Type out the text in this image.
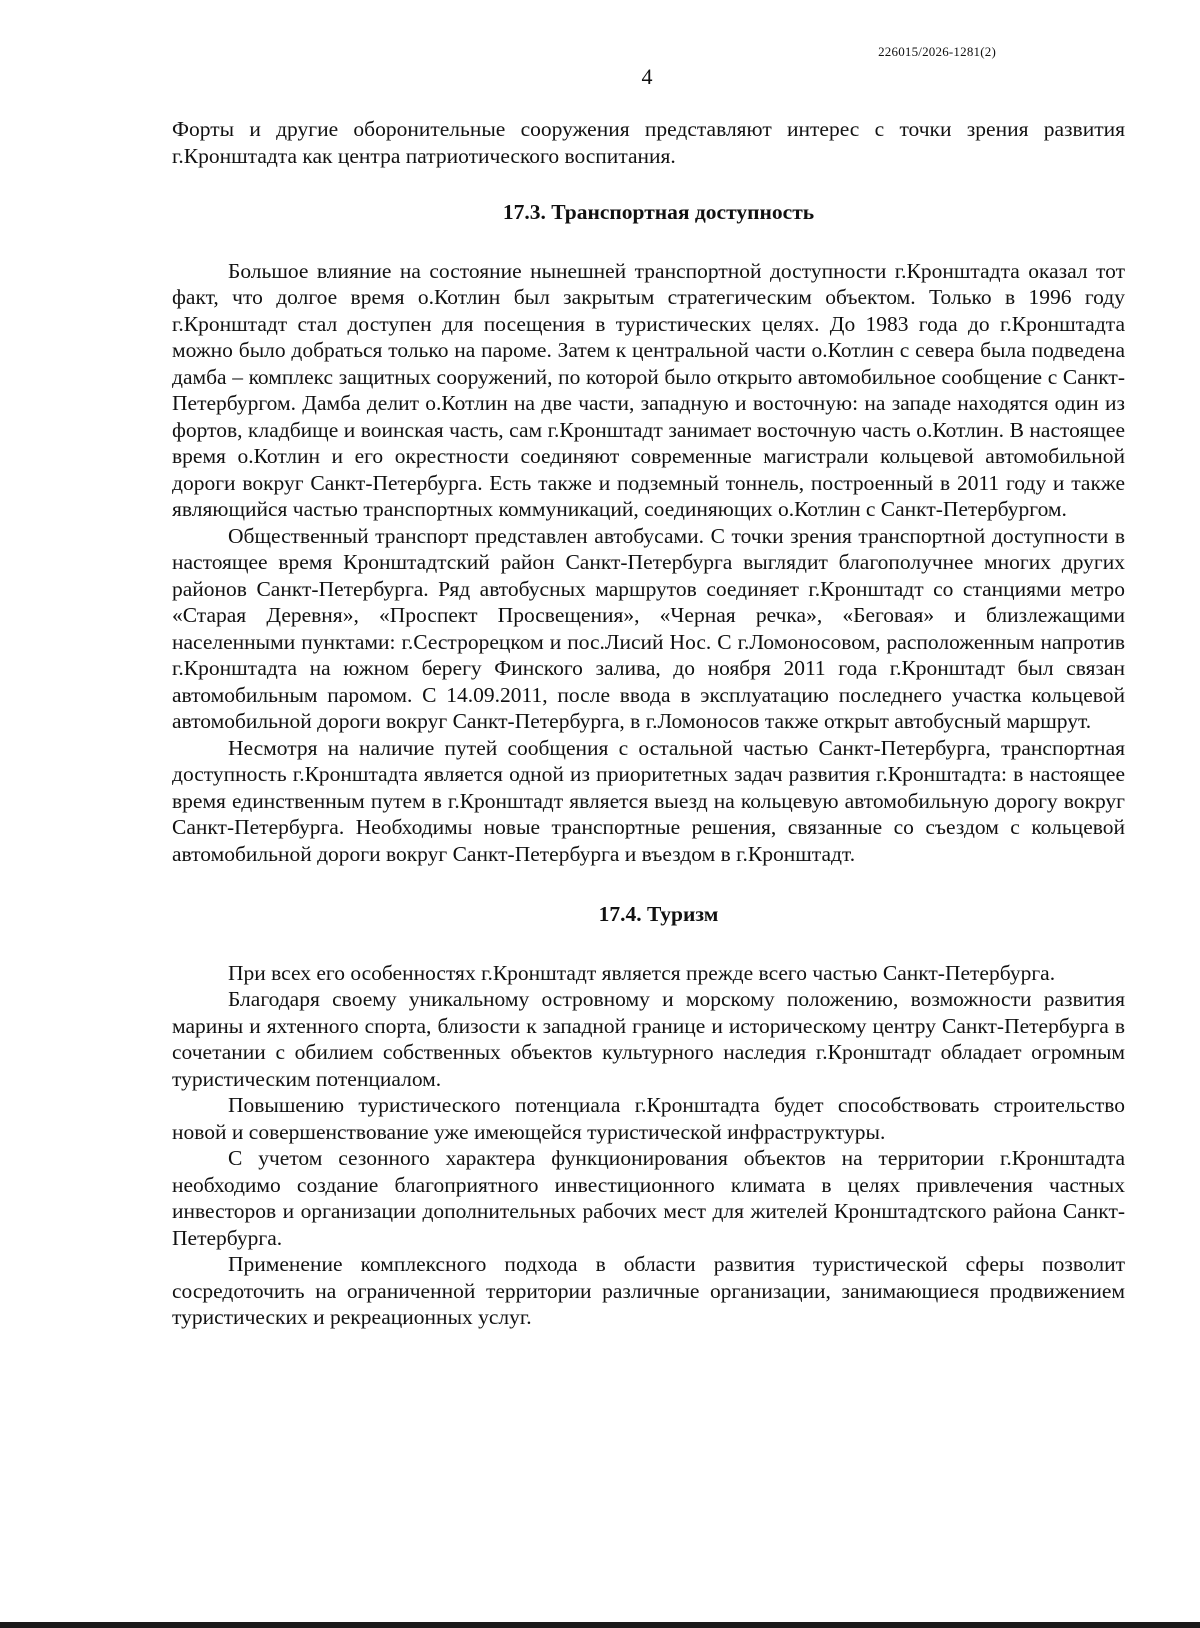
226015/2026-1281(2)
4

Форты и другие оборонительные сооружения представляют интерес с точки зрения развития г.Кронштадта как центра патриотического воспитания.

17.3. Транспортная доступность

Большое влияние на состояние нынешней транспортной доступности г.Кронштадта оказал тот факт, что долгое время о.Котлин был закрытым стратегическим объектом. Только в 1996 году г.Кронштадт стал доступен для посещения в туристических целях. До 1983 года до г.Кронштадта можно было добраться только на пароме. Затем к центральной части о.Котлин с севера была подведена дамба – комплекс защитных сооружений, по которой было открыто автомобильное сообщение с Санкт-Петербургом. Дамба делит о.Котлин на две части, западную и восточную: на западе находятся один из фортов, кладбище и воинская часть, сам г.Кронштадт занимает восточную часть о.Котлин. В настоящее время о.Котлин и его окрестности соединяют современные магистрали кольцевой автомобильной дороги вокруг Санкт-Петербурга. Есть также и подземный тоннель, построенный в 2011 году и также являющийся частью транспортных коммуникаций, соединяющих о.Котлин с Санкт-Петербургом.

Общественный транспорт представлен автобусами. С точки зрения транспортной доступности в настоящее время Кронштадтский район Санкт-Петербурга выглядит благополучнее многих других районов Санкт-Петербурга. Ряд автобусных маршрутов соединяет г.Кронштадт со станциями метро «Старая Деревня», «Проспект Просвещения», «Черная речка», «Беговая» и близлежащими населенными пунктами: г.Сестрорецком и пос.Лисий Нос. С г.Ломоносовом, расположенным напротив г.Кронштадта на южном берегу Финского залива, до ноября 2011 года г.Кронштадт был связан автомобильным паромом. С 14.09.2011, после ввода в эксплуатацию последнего участка кольцевой автомобильной дороги вокруг Санкт-Петербурга, в г.Ломоносов также открыт автобусный маршрут.

Несмотря на наличие путей сообщения с остальной частью Санкт-Петербурга, транспортная доступность г.Кронштадта является одной из приоритетных задач развития г.Кронштадта: в настоящее время единственным путем в г.Кронштадт является выезд на кольцевую автомобильную дорогу вокруг Санкт-Петербурга. Необходимы новые транспортные решения, связанные со съездом с кольцевой автомобильной дороги вокруг Санкт-Петербурга и въездом в г.Кронштадт.

17.4. Туризм

При всех его особенностях г.Кронштадт является прежде всего частью Санкт-Петербурга.

Благодаря своему уникальному островному и морскому положению, возможности развития марины и яхтенного спорта, близости к западной границе и историческому центру Санкт-Петербурга в сочетании с обилием собственных объектов культурного наследия г.Кронштадт обладает огромным туристическим потенциалом.

Повышению туристического потенциала г.Кронштадта будет способствовать строительство новой и совершенствование уже имеющейся туристической инфраструктуры.

С учетом сезонного характера функционирования объектов на территории г.Кронштадта необходимо создание благоприятного инвестиционного климата в целях привлечения частных инвесторов и организации дополнительных рабочих мест для жителей Кронштадтского района Санкт-Петербурга.

Применение комплексного подхода в области развития туристической сферы позволит сосредоточить на ограниченной территории различные организации, занимающиеся продвижением туристических и рекреационных услуг.
